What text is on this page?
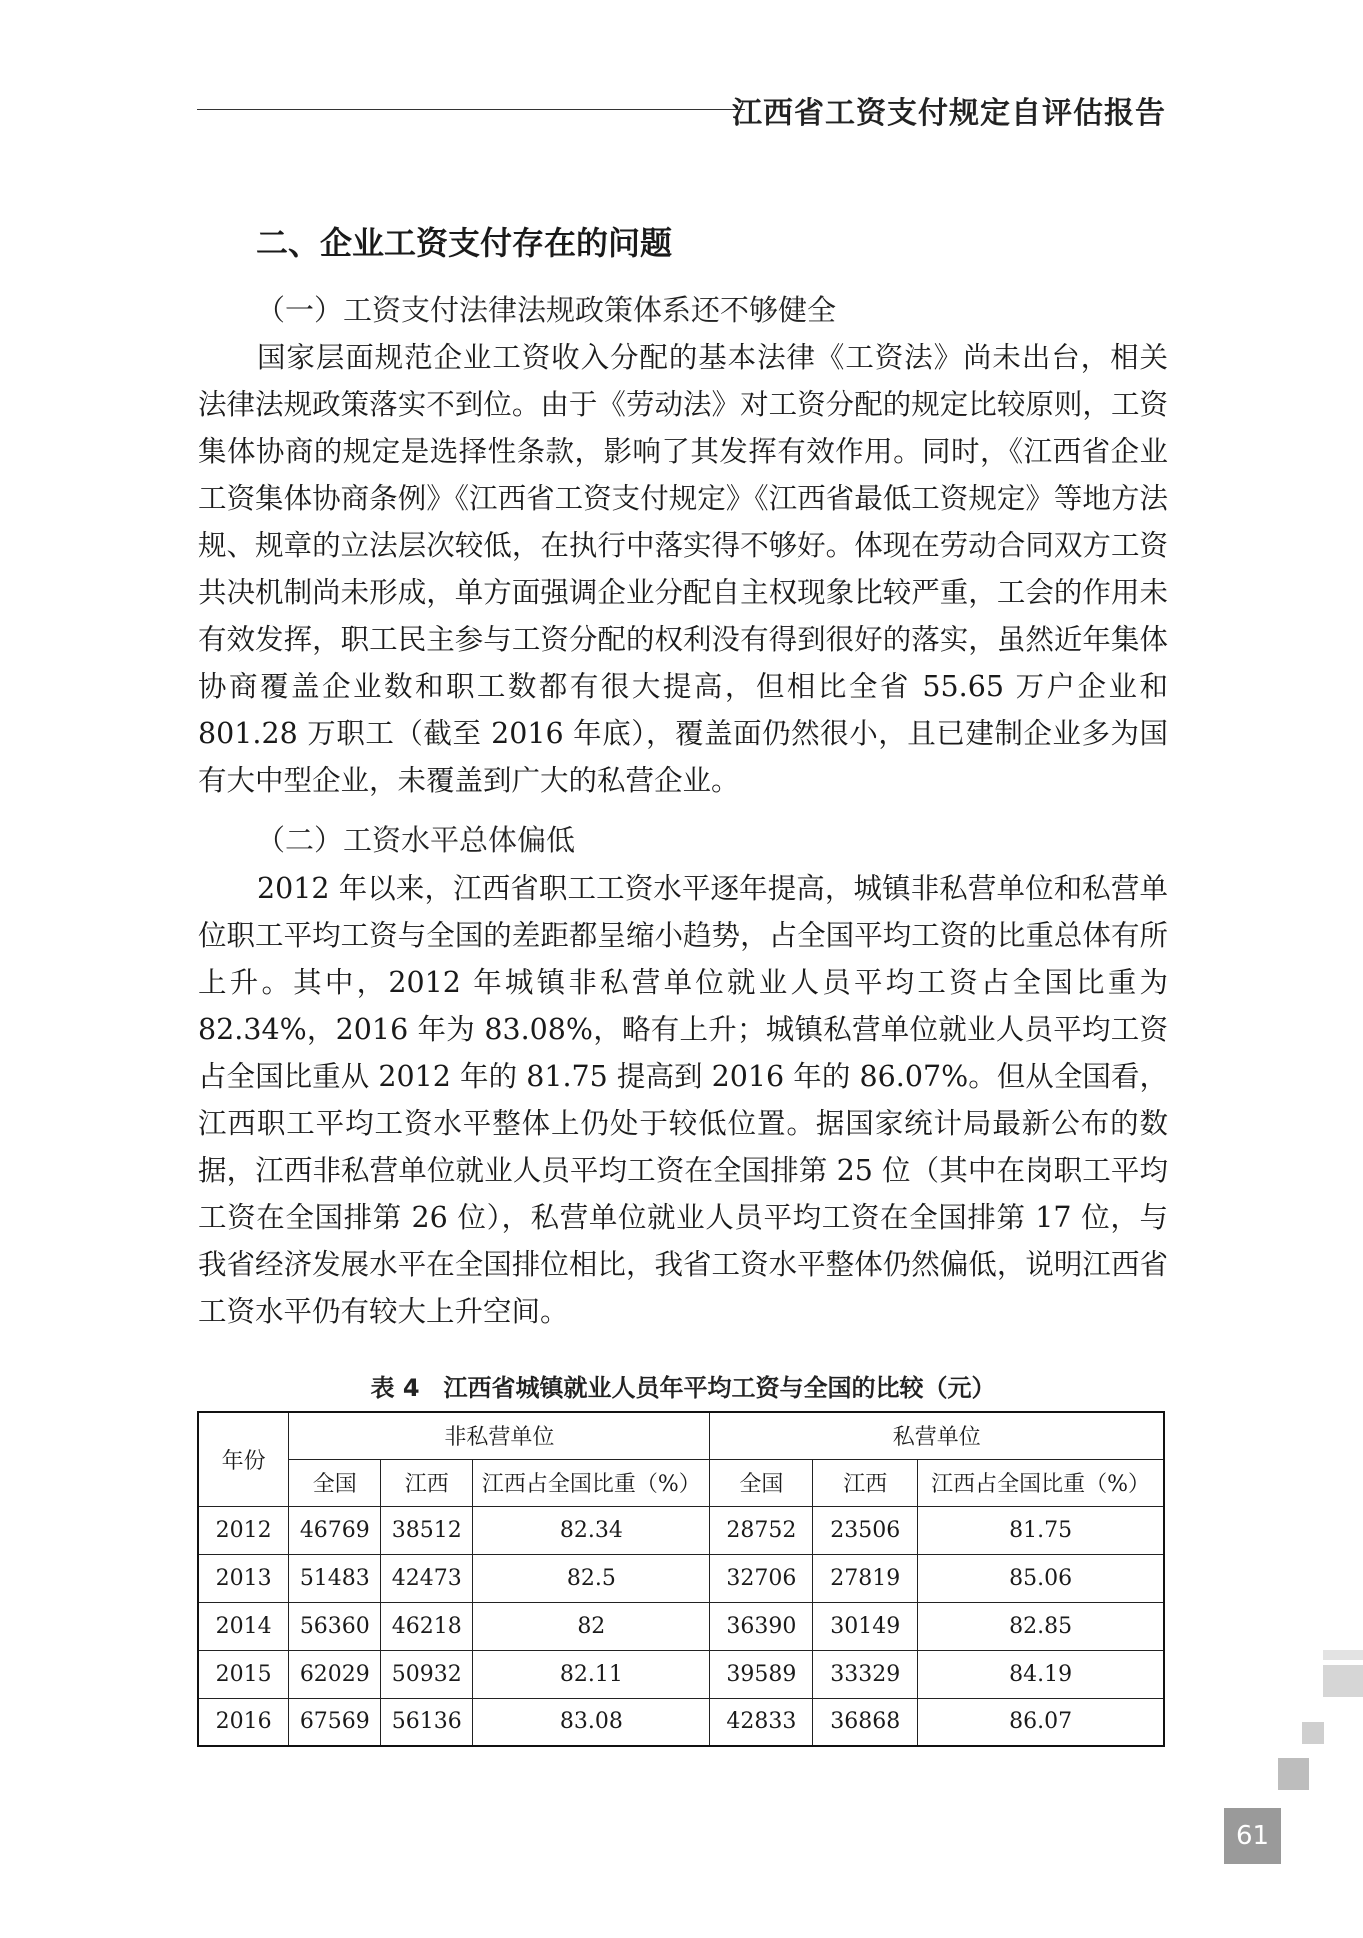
江西省工资支付规定自评估报告
二、企业工资支付存在的问题
（一）工资支付法律法规政策体系还不够健全

国家层面规范企业工资收入分配的基本法律《工资法》尚未出台，相关法律法规政策落实不到位。由于《劳动法》对工资分配的规定比较原则，工资集体协商的规定是选择性条款，影响了其发挥有效作用。同时，《江西省企业工资集体协商条例》《江西省工资支付规定》《江西省最低工资规定》等地方法规、规章的立法层次较低，在执行中落实得不够好。体现在劳动合同双方工资共决机制尚未形成，单方面强调企业分配自主权现象比较严重，工会的作用未有效发挥，职工民主参与工资分配的权利没有得到很好的落实，虽然近年集体协商覆盖企业数和职工数都有很大提高，但相比全省 55.65 万户企业和 801.28 万职工（截至 2016 年底），覆盖面仍然很小，且已建制企业多为国有大中型企业，未覆盖到广大的私营企业。

（二）工资水平总体偏低

2012 年以来，江西省职工工资水平逐年提高，城镇非私营单位和私营单位职工平均工资与全国的差距都呈缩小趋势，占全国平均工资的比重总体有所上升。其中，2012 年城镇非私营单位就业人员平均工资占全国比重为 82.34%，2016 年为 83.08%，略有上升；城镇私营单位就业人员平均工资占全国比重从 2012 年的 81.75 提高到 2016 年的 86.07%。但从全国看，江西职工平均工资水平整体上仍处于较低位置。据国家统计局最新公布的数据，江西非私营单位就业人员平均工资在全国排第 25 位（其中在岗职工平均工资在全国排第 26 位），私营单位就业人员平均工资在全国排第 17 位，与我省经济发展水平在全国排位相比，我省工资水平整体仍然偏低，说明江西省工资水平仍有较大上升空间。

表 4　江西省城镇就业人员年平均工资与全国的比较（元）
年份	非私营单位			私营单位		
	全国	江西	江西占全国比重（%）	全国	江西	江西占全国比重（%）
2012	46769	38512	82.34	28752	23506	81.75
2013	51483	42473	82.5	32706	27819	85.06
2014	56360	46218	82	36390	30149	82.85
2015	62029	50932	82.11	39589	33329	84.19
2016	67569	56136	83.08	42833	36868	86.07
61
